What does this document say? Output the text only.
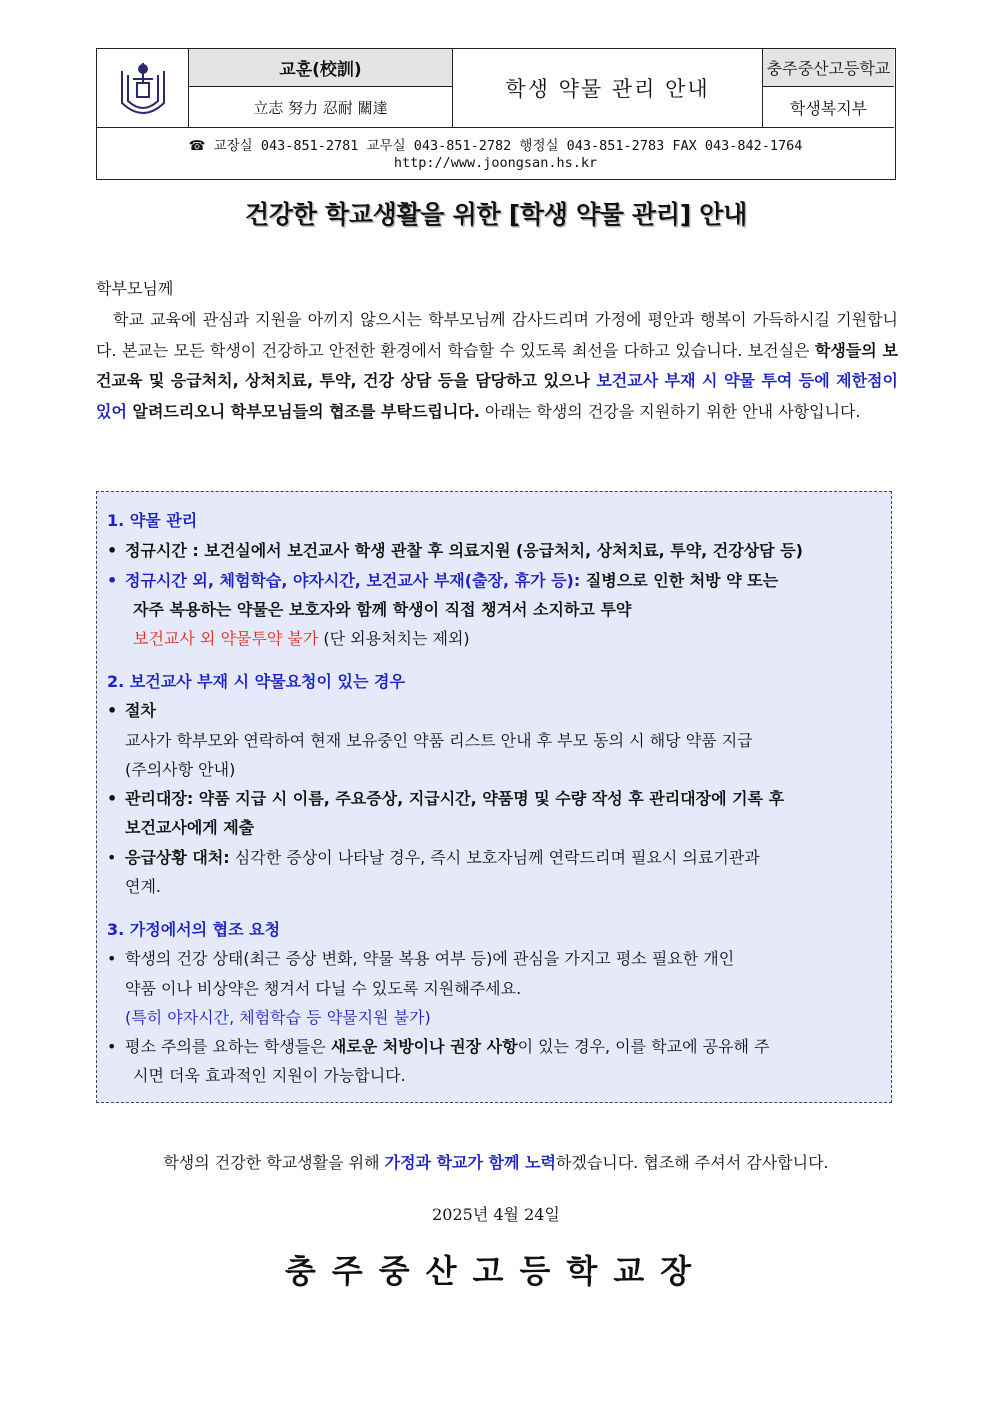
교훈(校訓)
立志 努力 忍耐 關達
학생 약물 관리 안내
충주중산고등학교
학생복지부
☎ 교장실 043-851-2781 교무실 043-851-2782 행정실 043-851-2783 FAX 043-842-1764
http://www.joongsan.hs.kr
건강한 학교생활을 위한 [학생 약물 관리] 안내
학부모님께
학교 교육에 관심과 지원을 아끼지 않으시는 학부모님께 감사드리며 가정에 평안과 행복이 가득하시길 기원합니다. 본교는 모든 학생이 건강하고 안전한 환경에서 학습할 수 있도록 최선을 다하고 있습니다. 보건실은 학생들의 보건교육 및 응급처치, 상처치료, 투약, 건강 상담 등을 담당하고 있으나 보건교사 부재 시 약물 투여 등에 제한점이 있어 알려드리오니 학부모님들의 협조를 부탁드립니다. 아래는 학생의 건강을 지원하기 위한 안내 사항입니다.
1. 약물 관리
• 정규시간 : 보건실에서 보건교사 학생 관찰 후 의료지원 (응급처치, 상처치료, 투약, 건강상담 등)
• 정규시간 외, 체험학습, 야자시간, 보건교사 부재(출장, 휴가 등): 질병으로 인한 처방 약 또는
자주 복용하는 약물은 보호자와 함께 학생이 직접 챙겨서 소지하고 투약
보건교사 외 약물투약 불가 (단 외용처치는 제외)
2. 보건교사 부재 시 약물요청이 있는 경우
• 절차
교사가 학부모와 연락하여 현재 보유중인 약품 리스트 안내 후 부모 동의 시 해당 약품 지급
(주의사항 안내)
• 관리대장: 약품 지급 시 이름, 주요증상, 지급시간, 약품명 및 수량 작성 후 관리대장에 기록 후
보건교사에게 제출
• 응급상황 대처: 심각한 증상이 나타날 경우, 즉시 보호자님께 연락드리며 필요시 의료기관과
연계.
3. 가정에서의 협조 요청
• 학생의 건강 상태(최근 증상 변화, 약물 복용 여부 등)에 관심을 가지고 평소 필요한 개인
약품 이나 비상약은 챙겨서 다닐 수 있도록 지원해주세요.
(특히 야자시간, 체험학습 등 약물지원 불가)
• 평소 주의를 요하는 학생들은 새로운 처방이나 권장 사항이 있는 경우, 이를 학교에 공유해 주
시면 더욱 효과적인 지원이 가능합니다.
학생의 건강한 학교생활을 위해 가정과 학교가 함께 노력하겠습니다. 협조해 주셔서 감사합니다.
2025년 4월 24일
충주중산고등학교장
